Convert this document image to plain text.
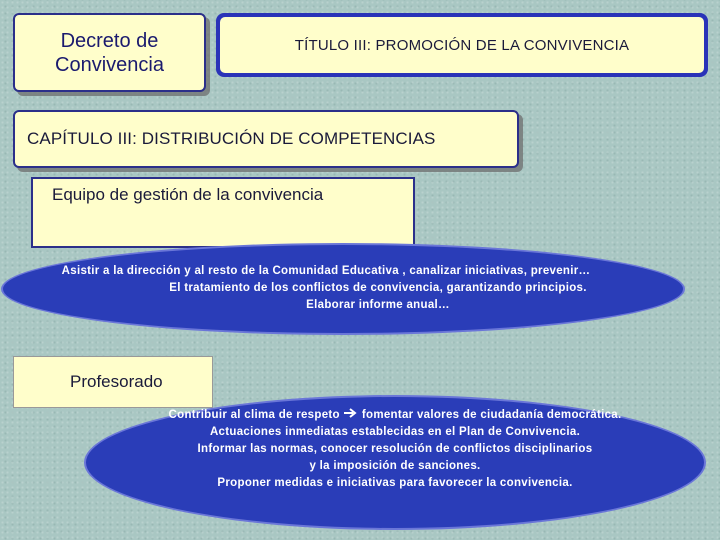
Decreto de
Convivencia
TÍTULO III: PROMOCIÓN DE LA CONVIVENCIA
CAPÍTULO III: DISTRIBUCIÓN DE COMPETENCIAS
Equipo de gestión de la convivencia
Asistir a la dirección y al resto de la Comunidad Educativa , canalizar iniciativas, prevenir…
El tratamiento de los conflictos de convivencia, garantizando principios.
Elaborar informe anual…
Profesorado
Contribuir al clima de respeto fomentar valores de ciudadanía democrática.
Actuaciones inmediatas establecidas en el Plan de Convivencia.
Informar las normas, conocer resolución de conflictos disciplinarios
y la imposición de sanciones.
Proponer medidas e iniciativas para favorecer la convivencia.
